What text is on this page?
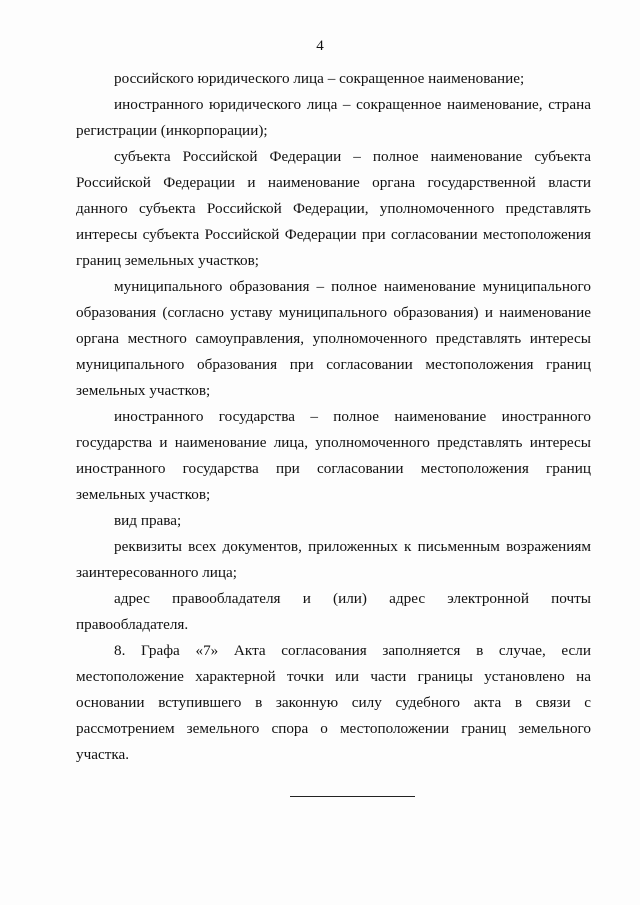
4

российского юридического лица – сокращенное наименование;

иностранного юридического лица – сокращенное наименование, страна регистрации (инкорпорации);

субъекта Российской Федерации – полное наименование субъекта Российской Федерации и наименование органа государственной власти данного субъекта Российской Федерации, уполномоченного представлять интересы субъекта Российской Федерации при согласовании местоположения границ земельных участков;

муниципального образования – полное наименование муниципального образования (согласно уставу муниципального образования) и наименование органа местного самоуправления, уполномоченного представлять интересы муниципального образования при согласовании местоположения границ земельных участков;

иностранного государства – полное наименование иностранного государства и наименование лица, уполномоченного представлять интересы иностранного государства при согласовании местоположения границ земельных участков;

вид права;

реквизиты всех документов, приложенных к письменным возражениям заинтересованного лица;

адрес правообладателя и (или) адрес электронной почты правообладателя.

8. Графа «7» Акта согласования заполняется в случае, если местоположение характерной точки или части границы установлено на основании вступившего в законную силу судебного акта в связи с рассмотрением земельного спора о местоположении границ земельного участка.
